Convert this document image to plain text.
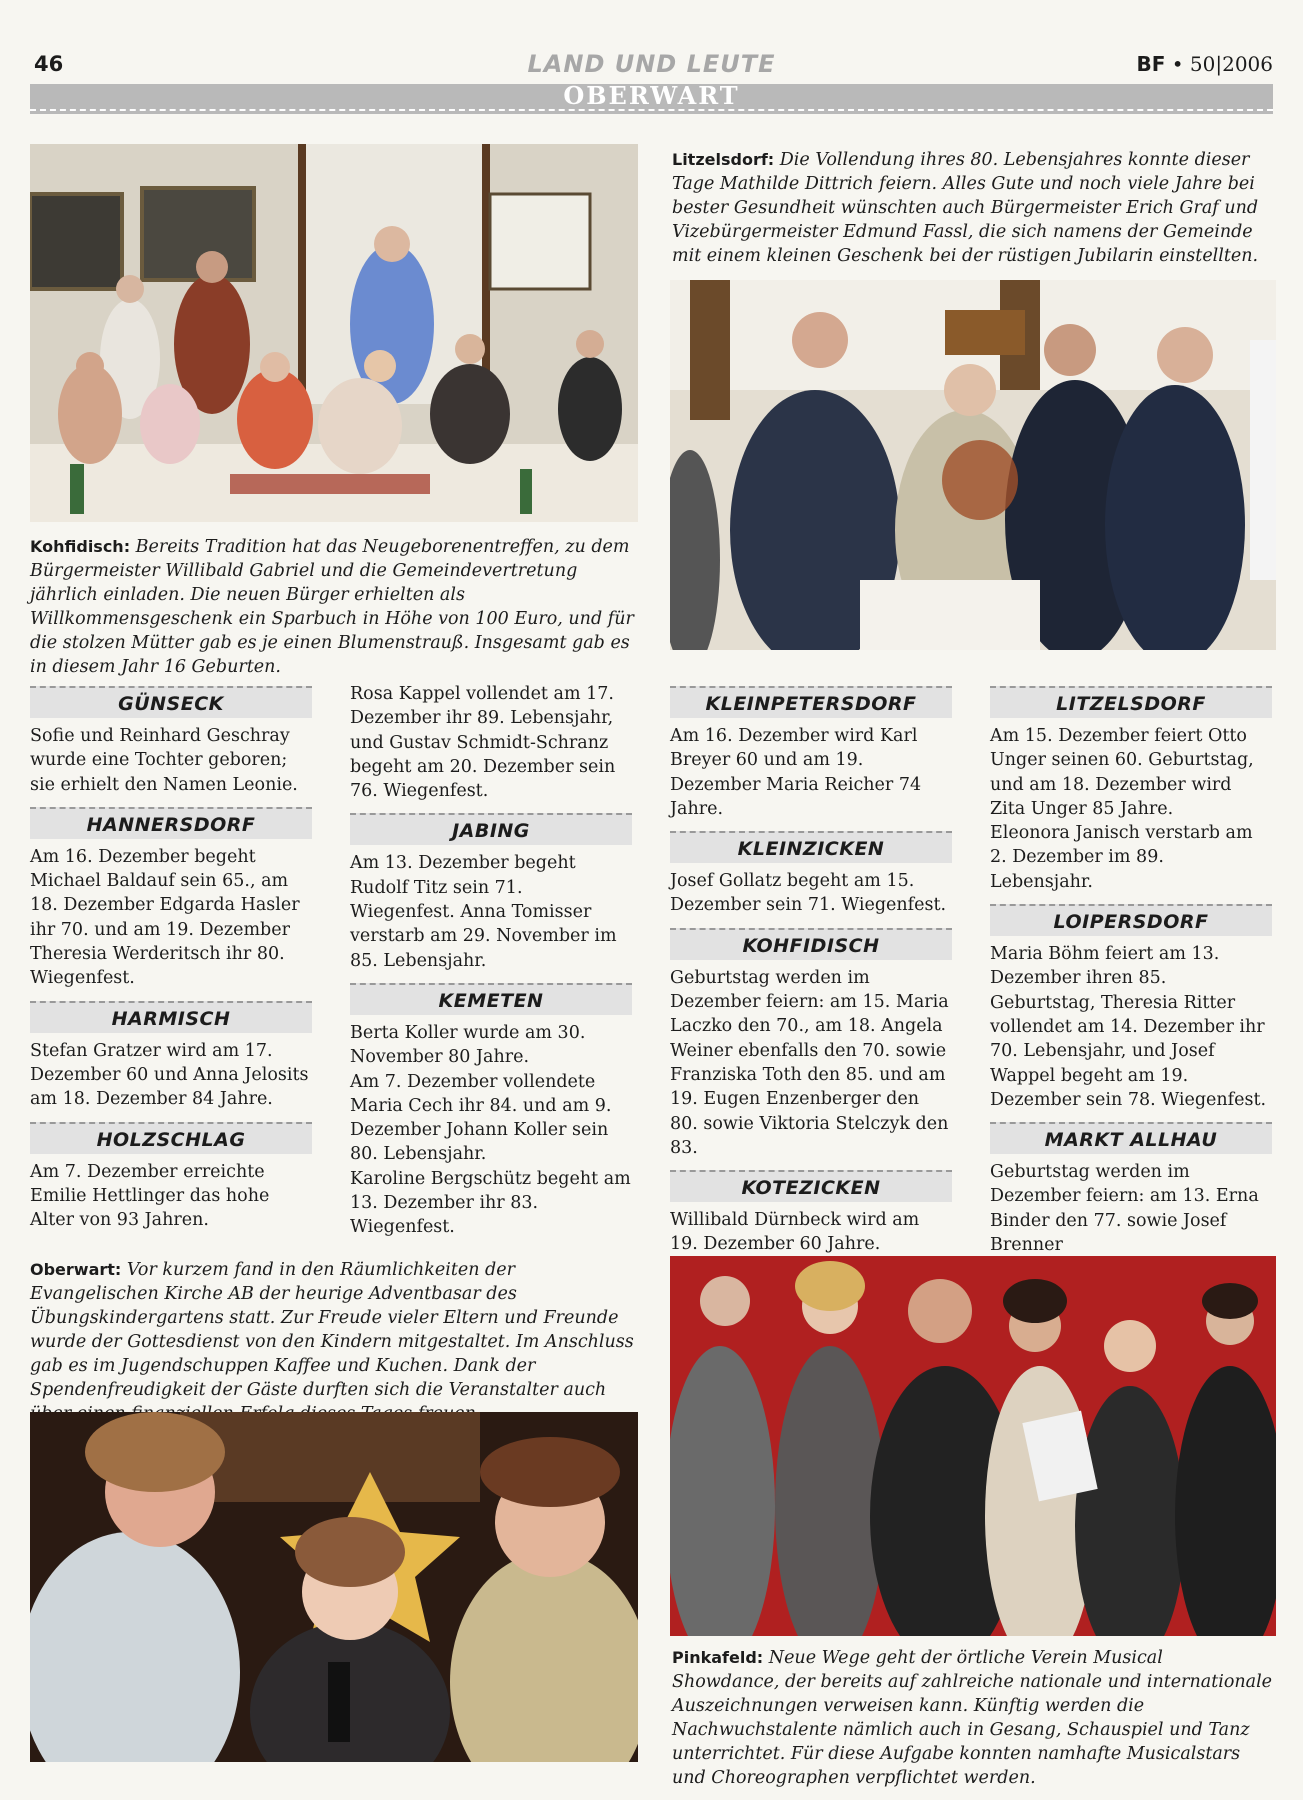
46	LAND UND LEUTE	BF • 50|2006
OBERWART
Kohfidisch: Bereits Tradition hat das Neugeborenentreffen, zu dem Bürgermeister Willibald Gabriel und die Gemeindevertretung jährlich einladen. Die neuen Bürger erhielten als Willkommensgeschenk ein Sparbuch in Höhe von 100 Euro, und für die stolzen Mütter gab es je einen Blumenstrauß. Insgesamt gab es in diesem Jahr 16 Geburten.
Litzelsdorf: Die Vollendung ihres 80. Lebensjahres konnte dieser Tage Mathilde Dittrich feiern. Alles Gute und noch viele Jahre bei bester Gesundheit wünschten auch Bürgermeister Erich Graf und Vizebürgermeister Edmund Fassl, die sich namens der Gemeinde mit einem kleinen Geschenk bei der rüstigen Jubilarin einstellten.
GÜNSECK

Sofie und Reinhard Geschray wurde eine Tochter geboren; sie erhielt den Namen Leonie.

HANNERSDORF

Am 16. Dezember begeht Michael Baldauf sein 65., am 18. Dezember Edgarda Hasler ihr 70. und am 19. Dezember Theresia Werderitsch ihr 80. Wiegenfest.

HARMISCH

Stefan Gratzer wird am 17. Dezember 60 und Anna Jelosits am 18. Dezember 84 Jahre.

HOLZSCHLAG

Am 7. Dezember erreichte Emilie Hettlinger das hohe Alter von 93 Jahren.

Rosa Kappel vollendet am 17. Dezember ihr 89. Lebensjahr, und Gustav Schmidt-Schranz begeht am 20. Dezember sein 76. Wiegenfest.

JABING

Am 13. Dezember begeht Rudolf Titz sein 71. Wiegenfest. Anna Tomisser verstarb am 29. November im 85. Lebensjahr.

KEMETEN

Berta Koller wurde am 30. November 80 Jahre.

Am 7. Dezember vollendete Maria Cech ihr 84. und am 9. Dezember Johann Koller sein 80. Lebensjahr.

Karoline Bergschütz begeht am 13. Dezember ihr 83. Wiegenfest.

KLEINPETERSDORF

Am 16. Dezember wird Karl Breyer 60 und am 19. Dezember Maria Reicher 74 Jahre.

KLEINZICKEN

Josef Gollatz begeht am 15. Dezember sein 71. Wiegenfest.

KOHFIDISCH

Geburtstag werden im Dezember feiern: am 15. Maria Laczko den 70., am 18. Angela Weiner ebenfalls den 70. sowie Franziska Toth den 85. und am 19. Eugen Enzenberger den 80. sowie Viktoria Stelczyk den 83.

KOTEZICKEN

Willibald Dürnbeck wird am 19. Dezember 60 Jahre.

LITZELSDORF

Am 15. Dezember feiert Otto Unger seinen 60. Geburtstag, und am 18. Dezember wird Zita Unger 85 Jahre.

Eleonora Janisch verstarb am 2. Dezember im 89. Lebensjahr.

LOIPERSDORF

Maria Böhm feiert am 13. Dezember ihren 85. Geburtstag, Theresia Ritter vollendet am 14. Dezember ihr 70. Lebensjahr, und Josef Wappel begeht am 19. Dezember sein 78. Wiegenfest.

MARKT ALLHAU

Geburtstag werden im Dezember feiern: am 13. Erna Binder den 77. sowie Josef Brenner

Oberwart: Vor kurzem fand in den Räumlichkeiten der Evangelischen Kirche AB der heurige Adventbasar des Übungskindergartens statt. Zur Freude vieler Eltern und Freunde wurde der Gottesdienst von den Kindern mitgestaltet. Im Anschluss gab es im Jugendschuppen Kaffee und Kuchen. Dank der Spendenfreudigkeit der Gäste durften sich die Veranstalter auch
Pinkafeld: Neue Wege geht der örtliche Verein Musical Showdance, der bereits auf zahlreiche nationale und internationale Auszeichnungen verweisen kann. Künftig werden die Nachwuchstalente nämlich auch in Gesang, Schauspiel und Tanz unterrichtet. Für diese Aufgabe konnten namhafte Musicalstars und Choreographen verpflichtet werden.
